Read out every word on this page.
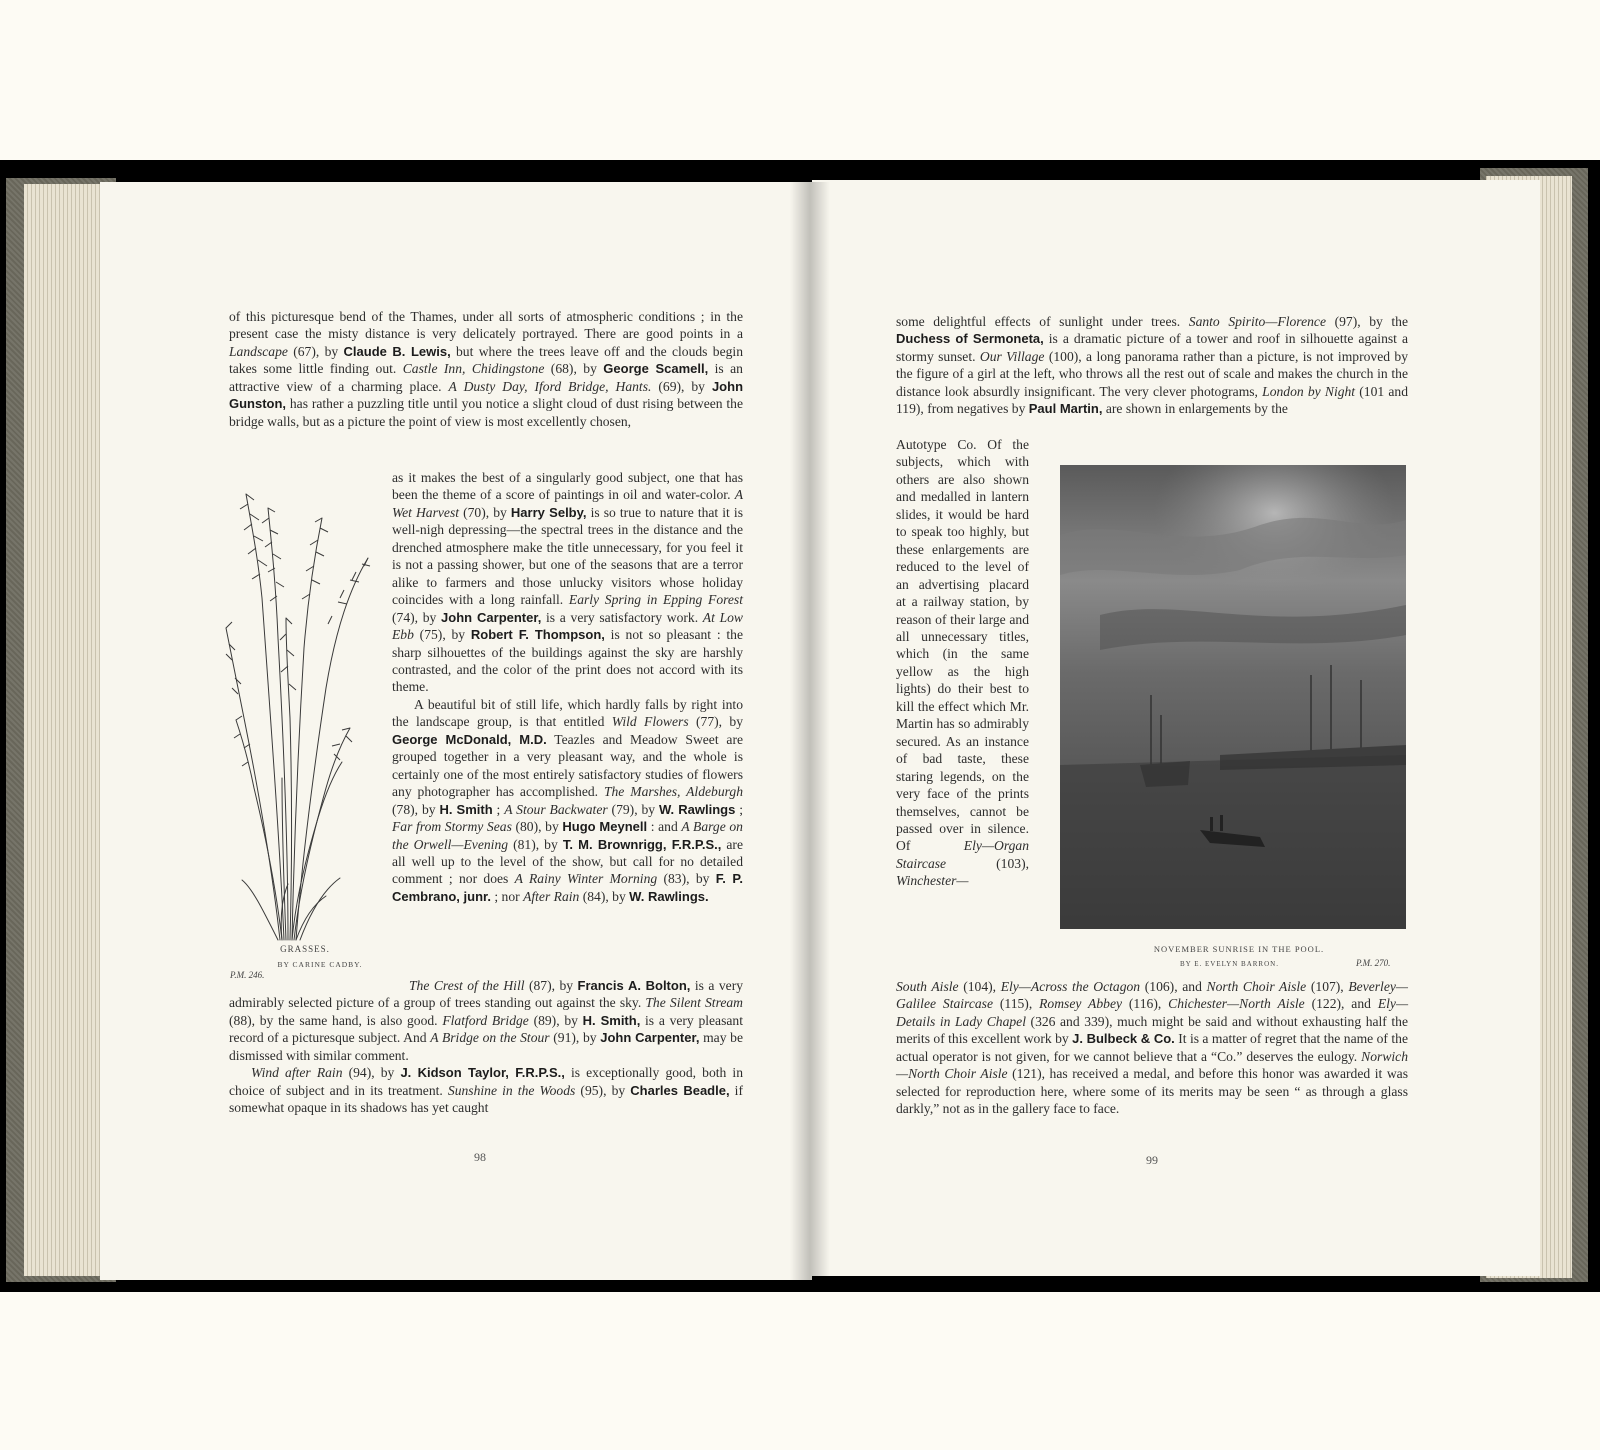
of this picturesque bend of the Thames, under all sorts of atmospheric conditions ; in the present case the misty distance is very delicately portrayed. There are good points in a Landscape (67), by Claude B. Lewis, but where the trees leave off and the clouds begin takes some little finding out. Castle Inn, Chidingstone (68), by George Scamell, is an attractive view of a charming place. A Dusty Day, Iford Bridge, Hants. (69), by John Gunston, has rather a puzzling title until you notice a slight cloud of dust rising between the bridge walls, but as a picture the point of view is most excellently chosen,

as it makes the best of a singularly good subject, one that has been the theme of a score of paintings in oil and water-color. A Wet Harvest (70), by Harry Selby, is so true to nature that it is well-nigh depressing—the spectral trees in the distance and the drenched atmosphere make the title unnecessary, for you feel it is not a passing shower, but one of the seasons that are a terror alike to farmers and those unlucky visitors whose holiday coincides with a long rainfall. Early Spring in Epping Forest (74), by John Carpenter, is a very satisfactory work. At Low Ebb (75), by Robert F. Thompson, is not so pleasant : the sharp silhouettes of the buildings against the sky are harshly contrasted, and the color of the print does not accord with its theme.

A beautiful bit of still life, which hardly falls by right into the landscape group, is that entitled Wild Flowers (77), by George McDonald, M.D. Teazles and Meadow Sweet are grouped together in a very pleasant way, and the whole is certainly one of the most entirely satisfactory studies of flowers any photographer has accomplished. The Marshes, Aldeburgh (78), by H. Smith ; A Stour Backwater (79), by W. Rawlings ; Far from Stormy Seas (80), by Hugo Meynell : and A Barge on the Orwell—Evening (81), by T. M. Brownrigg, F.R.P.S., are all well up to the level of the show, but call for no detailed comment ; nor does A Rainy Winter Morning (83), by F. P. Cembrano, junr. ; nor After Rain (84), by W. Rawlings.

The Crest of the Hill (87), by Francis A. Bolton, is a very admirably selected picture of a group of trees standing out against the sky. The Silent Stream (88), by the same hand, is also good. Flatford Bridge (89), by H. Smith, is a very pleasant record of a picturesque subject. And A Bridge on the Stour (91), by John Carpenter, may be dismissed with similar comment.

Wind after Rain (94), by J. Kidson Taylor, F.R.P.S., is exceptionally good, both in choice of subject and in its treatment. Sunshine in the Woods (95), by Charles Beadle, if somewhat opaque in its shadows has yet caught

GRASSES.
BY CARINE CADBY.
P.M. 246.
98

some delightful effects of sunlight under trees. Santo Spirito—Florence (97), by the Duchess of Sermoneta, is a dramatic picture of a tower and roof in silhouette against a stormy sunset. Our Village (100), a long panorama rather than a picture, is not improved by the figure of a girl at the left, who throws all the rest out of scale and makes the church in the distance look absurdly insignificant. The very clever photograms, London by Night (101 and 119), from negatives by Paul Martin, are shown in enlargements by the

Autotype Co. Of the subjects, which with others are also shown and medalled in lantern slides, it would be hard to speak too highly, but these enlargements are reduced to the level of an advertising placard at a railway station, by reason of their large and all unnecessary titles, which (in the same yellow as the high lights) do their best to kill the effect which Mr. Martin has so admirably secured. As an instance of bad taste, these staring legends, on the very face of the prints themselves, cannot be passed over in silence. Of Ely—Organ Staircase (103), Winchester—

South Aisle (104), Ely—Across the Octagon (106), and North Choir Aisle (107), Beverley—Galilee Staircase (115), Romsey Abbey (116), Chichester—North Aisle (122), and Ely—Details in Lady Chapel (326 and 339), much might be said and without exhausting half the merits of this excellent work by J. Bulbeck & Co. It is a matter of regret that the name of the actual operator is not given, for we cannot believe that a “Co.” deserves the eulogy. Norwich—North Choir Aisle (121), has received a medal, and before this honor was awarded it was selected for reproduction here, where some of its merits may be seen “ as through a glass darkly,” not as in the gallery face to face.

NOVEMBER SUNRISE IN THE POOL.
BY E. EVELYN BARRON.	P.M. 270.
99
